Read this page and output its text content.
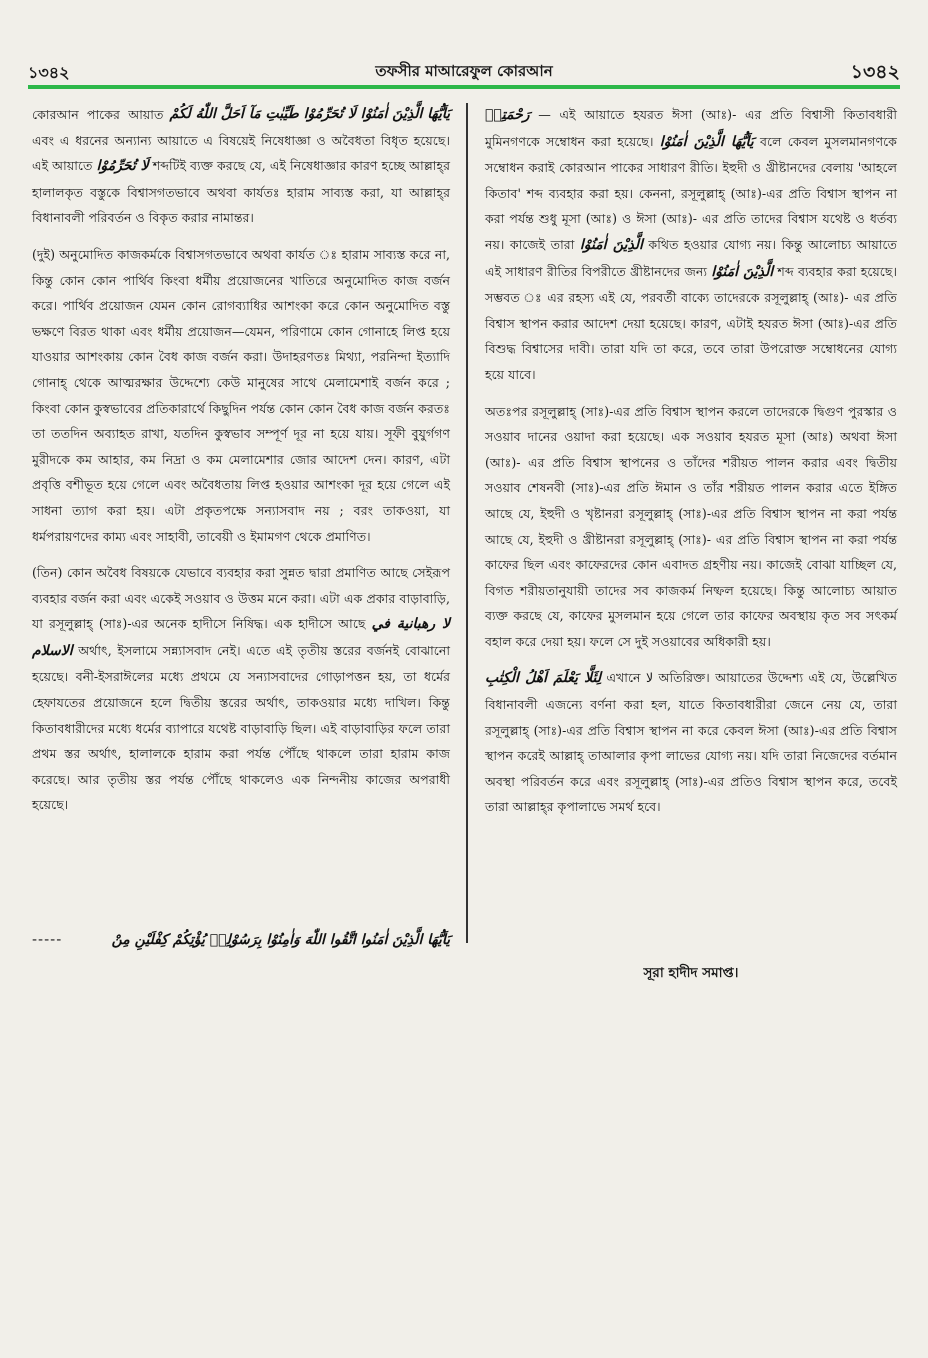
১৩৪২	তফসীর মাআরেফুল কোরআন	১৩৪২

কোরআন পাকের	يَاَيُّهَا الَّذِيْنَ اٰمَنُوْا لَا تُحَرِّمُوْا طَيِّبٰتِ مَآ اَحَلَّ اللّٰهُ لَكُمْ
আয়াত এবং এ ধরনের অন্যান্য আয়াতে এ বিষয়েই নিষেধাজ্ঞা ও অবৈধতা বিধৃত হয়েছে। এই আয়াতে لَا تُحَرِّمُوْا শব্দটিই ব্যক্ত করছে যে, এই নিষেধাজ্ঞার কারণ হচ্ছে আল্লাহ্‌র হালালকৃত বস্তুকে বিশ্বাসগতভাবে অথবা কার্যতঃ হারাম সাব্যস্ত করা, যা আল্লাহ্‌র বিধানাবলী পরিবর্তন ও বিকৃত করার নামান্তর।

(দুই) অনুমোদিত কাজকর্মকে বিশ্বাসগতভাবে অথবা কার্যত ঃ হারাম সাব্যস্ত করে না, কিন্তু কোন কোন পার্থিব কিংবা ধর্মীয় প্রয়োজনের খাতিরে অনুমোদিত কাজ বর্জন করে। পার্থিব প্রয়োজন যেমন কোন রোগব্যাধির আশংকা করে কোন অনুমোদিত বস্তু ভক্ষণে বিরত থাকা এবং ধর্মীয় প্রয়োজন—যেমন, পরিণামে কোন গোনাহে লিপ্ত হয়ে যাওয়ার আশংকায় কোন বৈধ কাজ বর্জন করা। উদাহরণতঃ মিথ্যা, পরনিন্দা ইত্যাদি গোনাহ্‌ থেকে আত্মরক্ষার উদ্দেশ্যে কেউ মানুষের সাথে মেলামেশাই বর্জন করে ; কিংবা কোন কুস্বভাবের প্রতিকারার্থে কিছুদিন পর্যন্ত কোন কোন বৈধ কাজ বর্জন করতঃ তা ততদিন অব্যাহত রাখা, যতদিন কুস্বভাব সম্পূর্ণ দূর না হয়ে যায়। সূফী বুযুর্গগণ মুরীদকে কম আহার, কম নিদ্রা ও কম মেলামেশার জোর আদেশ দেন। কারণ, এটা প্রবৃত্তি বশীভূত হয়ে গেলে এবং অবৈধতায় লিপ্ত হওয়ার আশংকা দূর হয়ে গেলে এই সাধনা ত্যাগ করা হয়। এটা প্রকৃতপক্ষে সন্যাসবাদ নয় ; বরং তাকওয়া, যা ধর্মপরায়ণদের কাম্য এবং সাহাবী, তাবেয়ী ও ইমামগণ থেকে প্রমাণিত।

(তিন) কোন অবৈধ বিষয়কে যেভাবে ব্যবহার করা সুন্নত দ্বারা প্রমাণিত আছে সেইরূপ ব্যবহার বর্জন করা এবং একেই সওয়াব ও উত্তম মনে করা। এটা এক প্রকার বাড়াবাড়ি, যা রসূলুল্লাহ্‌ (সাঃ)-এর অনেক হাদীসে নিষিদ্ধ। এক হাদীসে আছে لا رهبانية في الاسلام অর্থাৎ, ইসলামে সন্ন্যাসবাদ নেই। এতে এই তৃতীয় স্তরের বর্জনই বোঝানো হয়েছে। বনী-ইসরাঈলের মধ্যে প্রথমে যে সন্যাসবাদের গোড়াপত্তন হয়, তা ধর্মের হেফাযতের প্রয়োজনে হলে দ্বিতীয় স্তরের অর্থাৎ, তাকওয়ার মধ্যে দাখিল। কিন্তু কিতাবধারীদের মধ্যে ধর্মের ব্যাপারে যথেষ্ট বাড়াবাড়ি ছিল। এই বাড়াবাড়ির ফলে তারা প্রথম স্তর অর্থাৎ, হালালকে হারাম করা পর্যন্ত পৌঁছে থাকলে তারা হারাম কাজ করেছে। আর তৃতীয় স্তর পর্যন্ত পৌঁছে থাকলেও এক নিন্দনীয় কাজের অপরাধী হয়েছে।

-----	يَاَيُّهَا الَّذِيْنَ اٰمَنُوا اتَّقُوا اللّٰهَ وَاٰمِنُوْا بِرَسُوْلِهٖ يُؤْتِكُمْ كِفْلَيْنِ مِنْ

رَحْمَتِهٖ — এই আয়াতে হযরত ঈসা (আঃ)- এর প্রতি বিশ্বাসী কিতাবধারী মুমিনগণকে সম্বোধন করা হয়েছে। يَاَيُّهَا الَّذِيْنَ اٰمَنُوْا বলে কেবল মুসলমানগণকে সম্বোধন করাই কোরআন পাকের সাধারণ রীতি। ইহুদী ও খ্রীষ্টানদের বেলায় 'আহলে কিতাব' শব্দ ব্যবহার করা হয়। কেননা, রসূলুল্লাহ্‌ (আঃ)-এর প্রতি বিশ্বাস স্থাপন না করা পর্যন্ত শুধু মূসা (আঃ) ও ঈসা (আঃ)- এর প্রতি তাদের বিশ্বাস যথেষ্ট ও ধর্তব্য নয়। কাজেই তারা الَّذِيْنَ اٰمَنُوْا কথিত হওয়ার যোগ্য নয়। কিন্তু আলোচ্য আয়াতে এই সাধারণ রীতির বিপরীতে খ্রীষ্টানদের জন্য الَّذِيْنَ اٰمَنُوْا শব্দ ব্যবহার করা হয়েছে। সম্ভবত ঃ এর রহস্য এই যে, পরবর্তী বাক্যে তাদেরকে রসূলুল্লাহ্‌ (আঃ)- এর প্রতি বিশ্বাস স্থাপন করার আদেশ দেয়া হয়েছে। কারণ, এটাই হযরত ঈসা (আঃ)-এর প্রতি বিশুদ্ধ বিশ্বাসের দাবী। তারা যদি তা করে, তবে তারা উপরোক্ত সম্বোধনের যোগ্য হয়ে যাবে।

অতঃপর রসূলুল্লাহ্‌ (সাঃ)-এর প্রতি বিশ্বাস স্থাপন করলে তাদেরকে দ্বিগুণ পুরস্কার ও সওয়াব দানের ওয়াদা করা হয়েছে। এক সওয়াব হযরত মূসা (আঃ) অথবা ঈসা (আঃ)- এর প্রতি বিশ্বাস স্থাপনের ও তাঁদের শরীয়ত পালন করার এবং দ্বিতীয় সওয়াব শেষনবী (সাঃ)-এর প্রতি ঈমান ও তাঁর শরীয়ত পালন করার এতে ইঙ্গিত আছে যে, ইহুদী ও খৃষ্টানরা রসূলুল্লাহ্‌ (সাঃ)-এর প্রতি বিশ্বাস স্থাপন না করা পর্যন্ত আছে যে, ইহুদী ও খ্রীষ্টানরা রসূলুল্লাহ্‌ (সাঃ)- এর প্রতি বিশ্বাস স্থাপন না করা পর্যন্ত কাফের ছিল এবং কাফেরদের কোন এবাদত গ্রহণীয় নয়। কাজেই বোঝা যাচ্ছিল যে, বিগত শরীয়তানুযায়ী তাদের সব কাজকর্ম নিষ্ফল হয়েছে। কিন্তু আলোচ্য আয়াত ব্যক্ত করছে যে, কাফের মুসলমান হয়ে গেলে তার কাফের অবস্থায় কৃত সব সৎকর্ম বহাল করে দেয়া হয়। ফলে সে দুই সওয়াবের অধিকারী হয়।

لِئَلَّا يَعْلَمَ اَهْلُ الْكِتٰبِ এখানে لا অতিরিক্ত। আয়াতের উদ্দেশ্য এই যে, উল্লেখিত বিধানাবলী এজন্যে বর্ণনা করা হল, যাতে কিতাবধারীরা জেনে নেয় যে, তারা রসূলুল্লাহ্‌ (সাঃ)-এর প্রতি বিশ্বাস স্থাপন না করে কেবল ঈসা (আঃ)-এর প্রতি বিশ্বাস স্থাপন করেই আল্লাহ্‌ তাআলার কৃপা লাভের যোগ্য নয়। যদি তারা নিজেদের বর্তমান অবস্থা পরিবর্তন করে এবং রসূলুল্লাহ্‌ (সাঃ)-এর প্রতিও বিশ্বাস স্থাপন করে, তবেই তারা আল্লাহ্‌র কৃপালাভে সমর্থ হবে।

সূরা হাদীদ সমাপ্ত।
